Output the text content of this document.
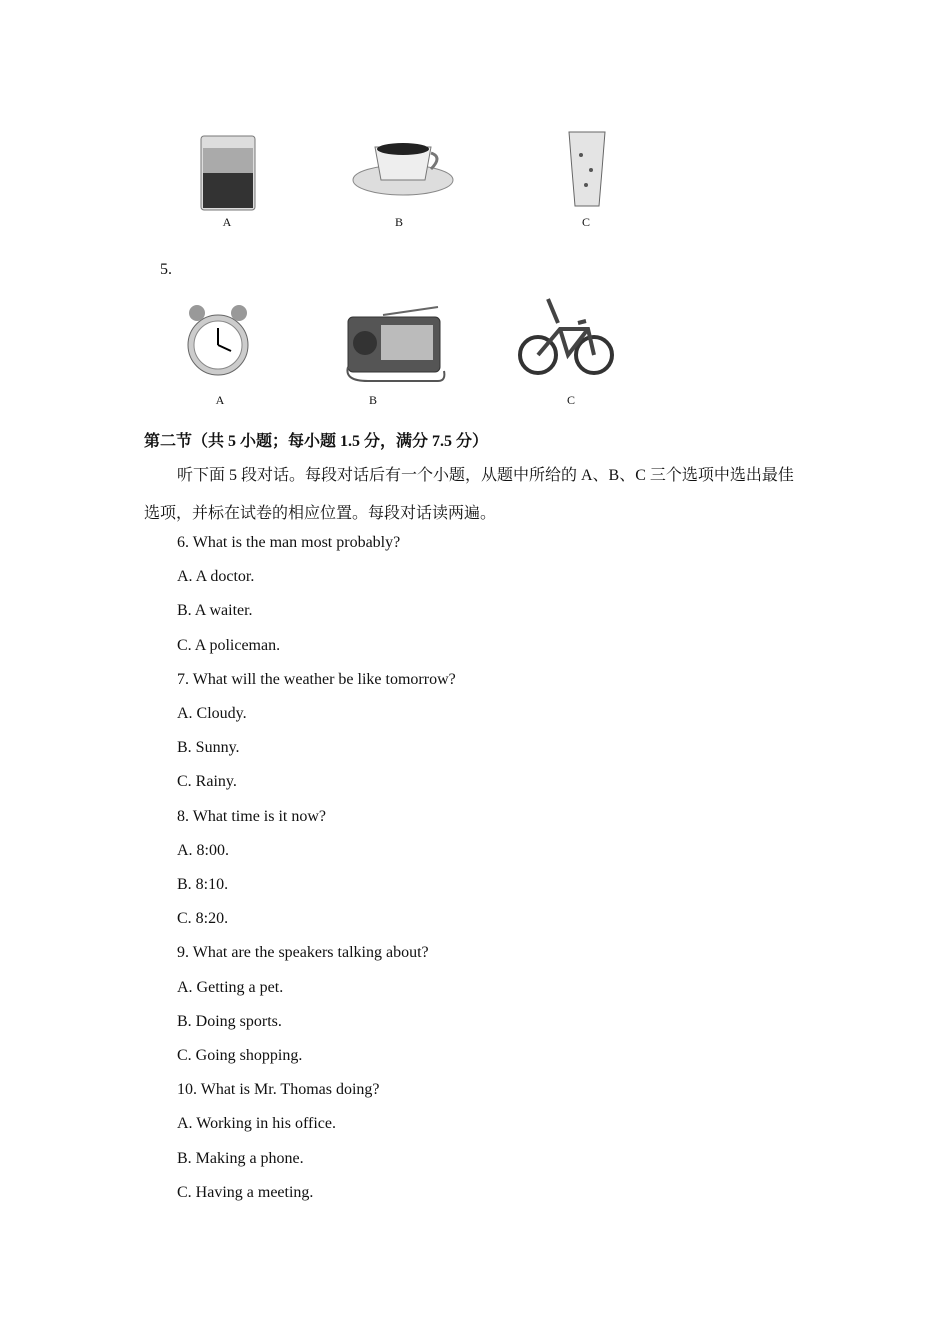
A	B	C
5.
A	B	C
第二节（共 5 小题；每小题 1.5 分，满分 7.5 分）
听下面 5 段对话。每段对话后有一个小题，从题中所给的 A、B、C 三个选项中选出最佳
选项，并标在试卷的相应位置。每段对话读两遍。
6. What is the man most probably?
A. A doctor.
B. A waiter.
C. A policeman.
7. What will the weather be like tomorrow?
A. Cloudy.
B. Sunny.
C. Rainy.
8. What time is it now?
A. 8:00.
B. 8:10.
C. 8:20.
9. What are the speakers talking about?
A. Getting a pet.
B. Doing sports.
C. Going shopping.
10. What is Mr. Thomas doing?
A. Working in his office.
B. Making a phone.
C. Having a meeting.
